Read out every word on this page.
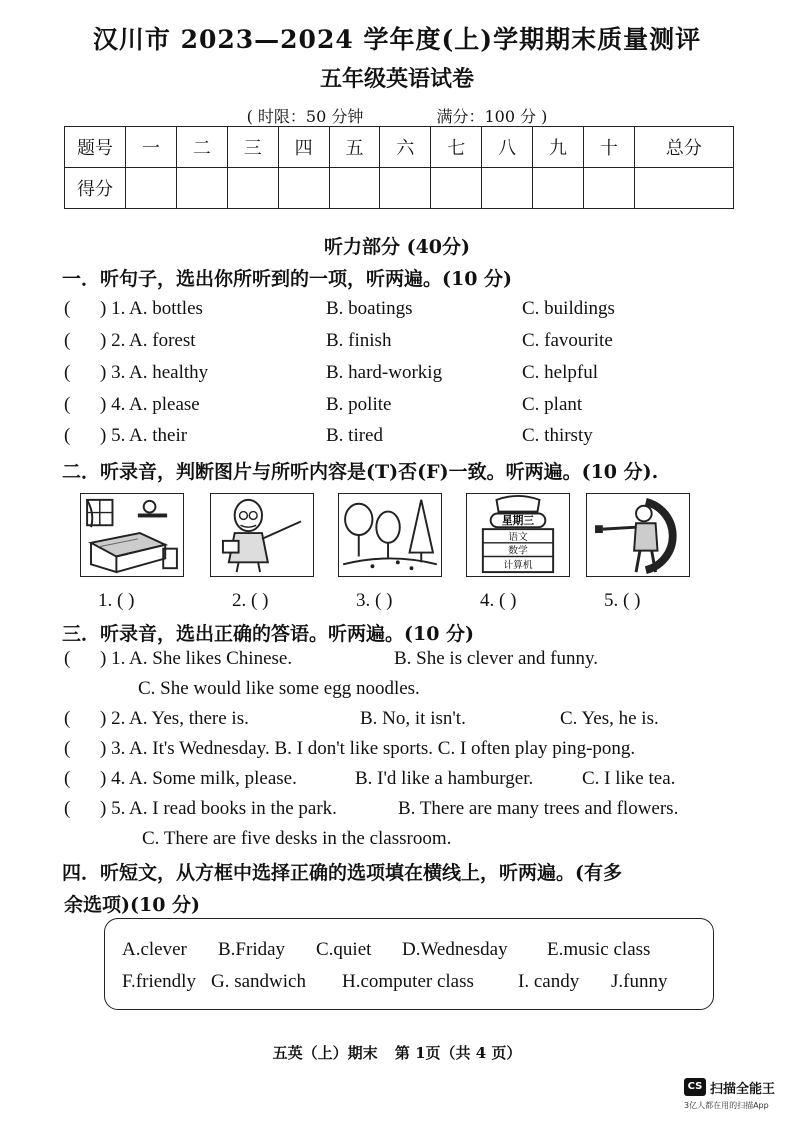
汉川市 2023—2024 学年度(上)学期期末质量测评
五年级英语试卷
( 时限：50 分钟	满分：100 分 )
题号	一	二	三	四	五	六	七	八	九	十	总分
得分											
听力部分 (40分)
一．听句子，选出你所听到的一项，听两遍。(10 分)
( ) 1. A. bottles	B. boatings	C. buildings
( ) 2. A. forest	B. finish	C. favourite
( ) 3. A. healthy	B. hard-workig	C. helpful
( ) 4. A. please	B. polite	C. plant
( ) 5. A. their	B. tired	C. thirsty
二．听录音，判断图片与所听内容是(T)否(F)一致。听两遍。(10 分).
星期三
语文
数学
计算机
1. ( )	2. ( )	3. ( )	4. ( )	5. ( )
三．听录音，选出正确的答语。听两遍。(10 分)
( ) 1. A. She likes Chinese.	B. She is clever and funny.
C. She would like some egg noodles.
( ) 2. A. Yes, there is.	B. No, it isn't.	C. Yes, he is.
( ) 3. A. It's Wednesday. B. I don't like sports. C. I often play ping-pong.
( ) 4. A. Some milk, please.	B. I'd like a hamburger.	C. I like tea.
( ) 5. A. I read books in the park.	B. There are many trees and flowers.
C. There are five desks in the classroom.
四．听短文，从方框中选择正确的选项填在横线上，听两遍。(有多
余选项)(10 分)
A.clever B.Friday C.quiet D.Wednesday E.music class
F.friendly G. sandwich H.computer class I. candy J.funny
五英（上）期末 第 1页（共 4 页）
CS 扫描全能王
3亿人都在用的扫描App
